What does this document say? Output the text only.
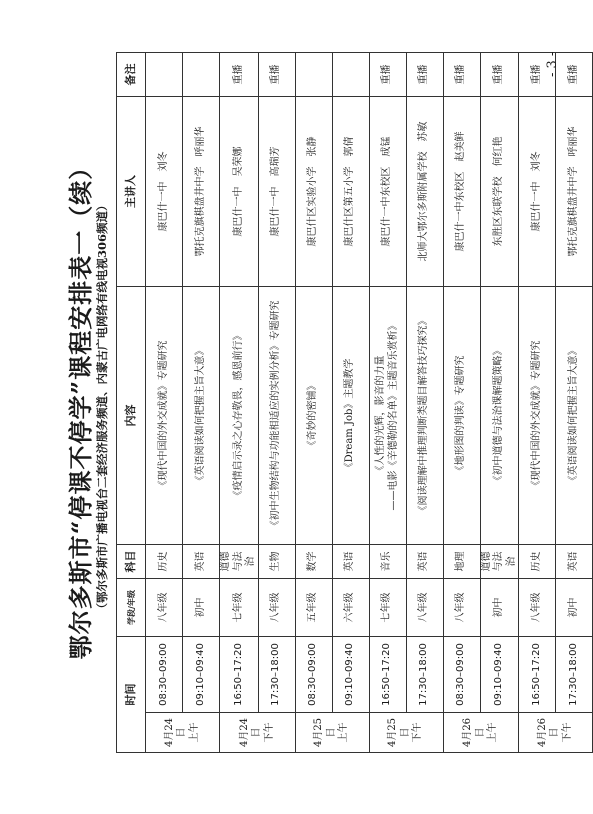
鄂尔多斯市“停课不停学”课程安排表一（续） （鄂尔多斯市广播电视台二套经济服务频道、内蒙古广电网络有线电视306频道）

时间		学段/年级	科目	内容	主讲人	备注

4月24日 上午	08:30–09:00	八年级	历史	《现代中国的外交成就》专题研究	康巴什一中　刘冬	
	09:10–09:40	初中	英语	《英语阅读如何把握主旨大意》	鄂托克旗棋盘井中学　呼丽华	

4月24日 下午	16:50–17:20	七年级	道德与法治	《疫情启示录之心存敬畏，感恩前行》	康巴什一中　吴荣娜	重播
	17:30–18:00	八年级	生物	《初中生物结构与功能相适应的实例分析》专题研究	康巴什一中　高瑞芳	重播

4月25日 上午	08:30–09:00	五年级	数学	《奇妙的密铺》	康巴什区实验小学　张静	
	09:10–09:40	六年级	英语	《Dream Job》主题教学	康巴什区第五小学　郭倩	

4月25日 下午	16:50–17:20	七年级	音乐	《人性的光辉，影音的力量 ——电影《辛德勒的名单》主题音乐赏析》	康巴什一中东校区　成锰	重播
	17:30–18:00	八年级	英语	《阅读理解中推理判断类题目解答技巧探究》	北师大鄂尔多斯附属学校　苏敏	重播

4月26日 上午	08:30–09:00	八年级	地理	《地形图的判读》专题研究	康巴什一中东校区　赵美鲜	重播
	09:10–09:40	初中	道德与法治	《初中道德与法治课解题策略》	东胜区东联学校　何红艳	重播

4月26日 下午	16:50–17:20	八年级	历史	《现代中国的外交成就》专题研究	康巴什一中　刘冬	重播
	17:30–18:00	初中	英语	《英语阅读如何把握主旨大意》	鄂托克旗棋盘井中学　呼丽华	重播
- 3 -
